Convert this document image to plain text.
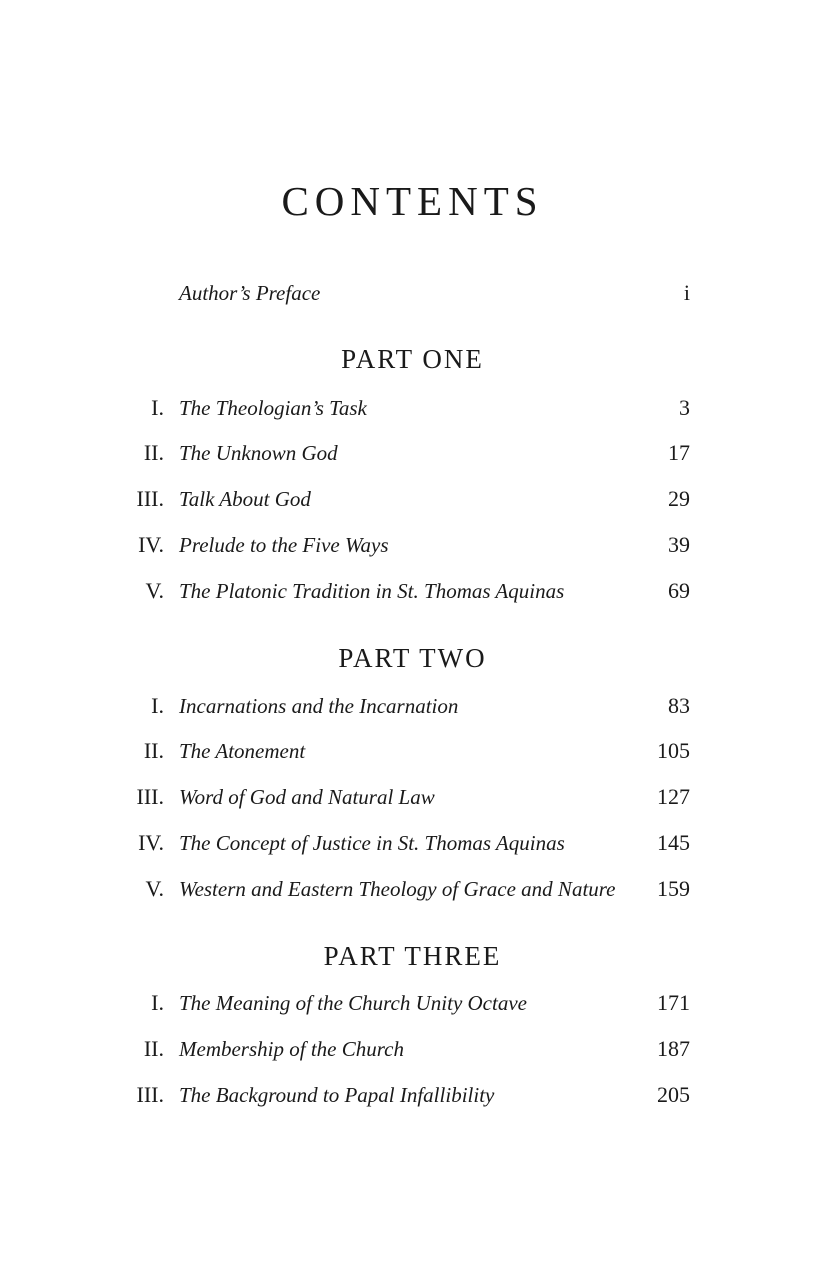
CONTENTS
Author’s Preface	i
PART ONE
I. The Theologian’s Task	3
II. The Unknown God	17
III. Talk About God	29
IV. Prelude to the Five Ways	39
V. The Platonic Tradition in St. Thomas Aquinas	69
PART TWO
I. Incarnations and the Incarnation	83
II. The Atonement	105
III. Word of God and Natural Law	127
IV. The Concept of Justice in St. Thomas Aquinas	145
V. Western and Eastern Theology of Grace and Nature 159
PART THREE
I. The Meaning of the Church Unity Octave	171
II. Membership of the Church	187
III. The Background to Papal Infallibility	205
